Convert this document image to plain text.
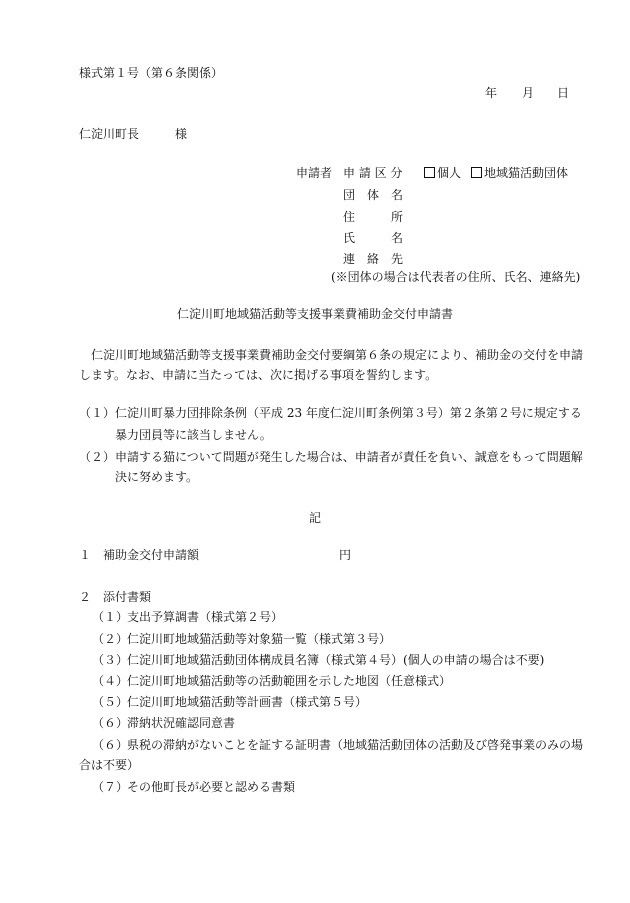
様式第１号（第６条関係）
年 月 日
仁淀川町長	様
申請者 申 請 区 分	個人	地域猫活動団体
団　体　名
住　　　所
氏　　　名
連　絡　先
(※団体の場合は代表者の住所、氏名、連絡先)
仁淀川町地域猫活動等支援事業費補助金交付申請書
仁淀川町地域猫活動等支援事業費補助金交付要綱第６条の規定により、補助金の交付を申請
します。なお、申請に当たっては、次に掲げる事項を誓約します。
（１）仁淀川町暴力団排除条例（平成 23 年度仁淀川町条例第３号）第２条第２号に規定する
暴力団員等に該当しません。
（２）申請する猫について問題が発生した場合は、申請者が責任を負い、誠意をもって問題解
決に努めます。
記
１　補助金交付申請額	円
２　添付書類
（１）
支出予算調書（様式第２号）
（２）
仁淀川町地域猫活動等対象猫一覧（様式第３号）
（３）
仁淀川町地域猫活動団体構成員名簿（様式第４号）(個人の申請の場合は不要)
（４）
仁淀川町地域猫活動等の活動範囲を示した地図（任意様式）
（５）
仁淀川町地域猫活動等計画書（様式第５号）
（６）
滞納状況確認同意書
（６）
県税の滞納がないことを証する証明書（地域猫活動団体の活動及び啓発事業のみの場
合は不要）
（７）
その他町長が必要と認める書類
